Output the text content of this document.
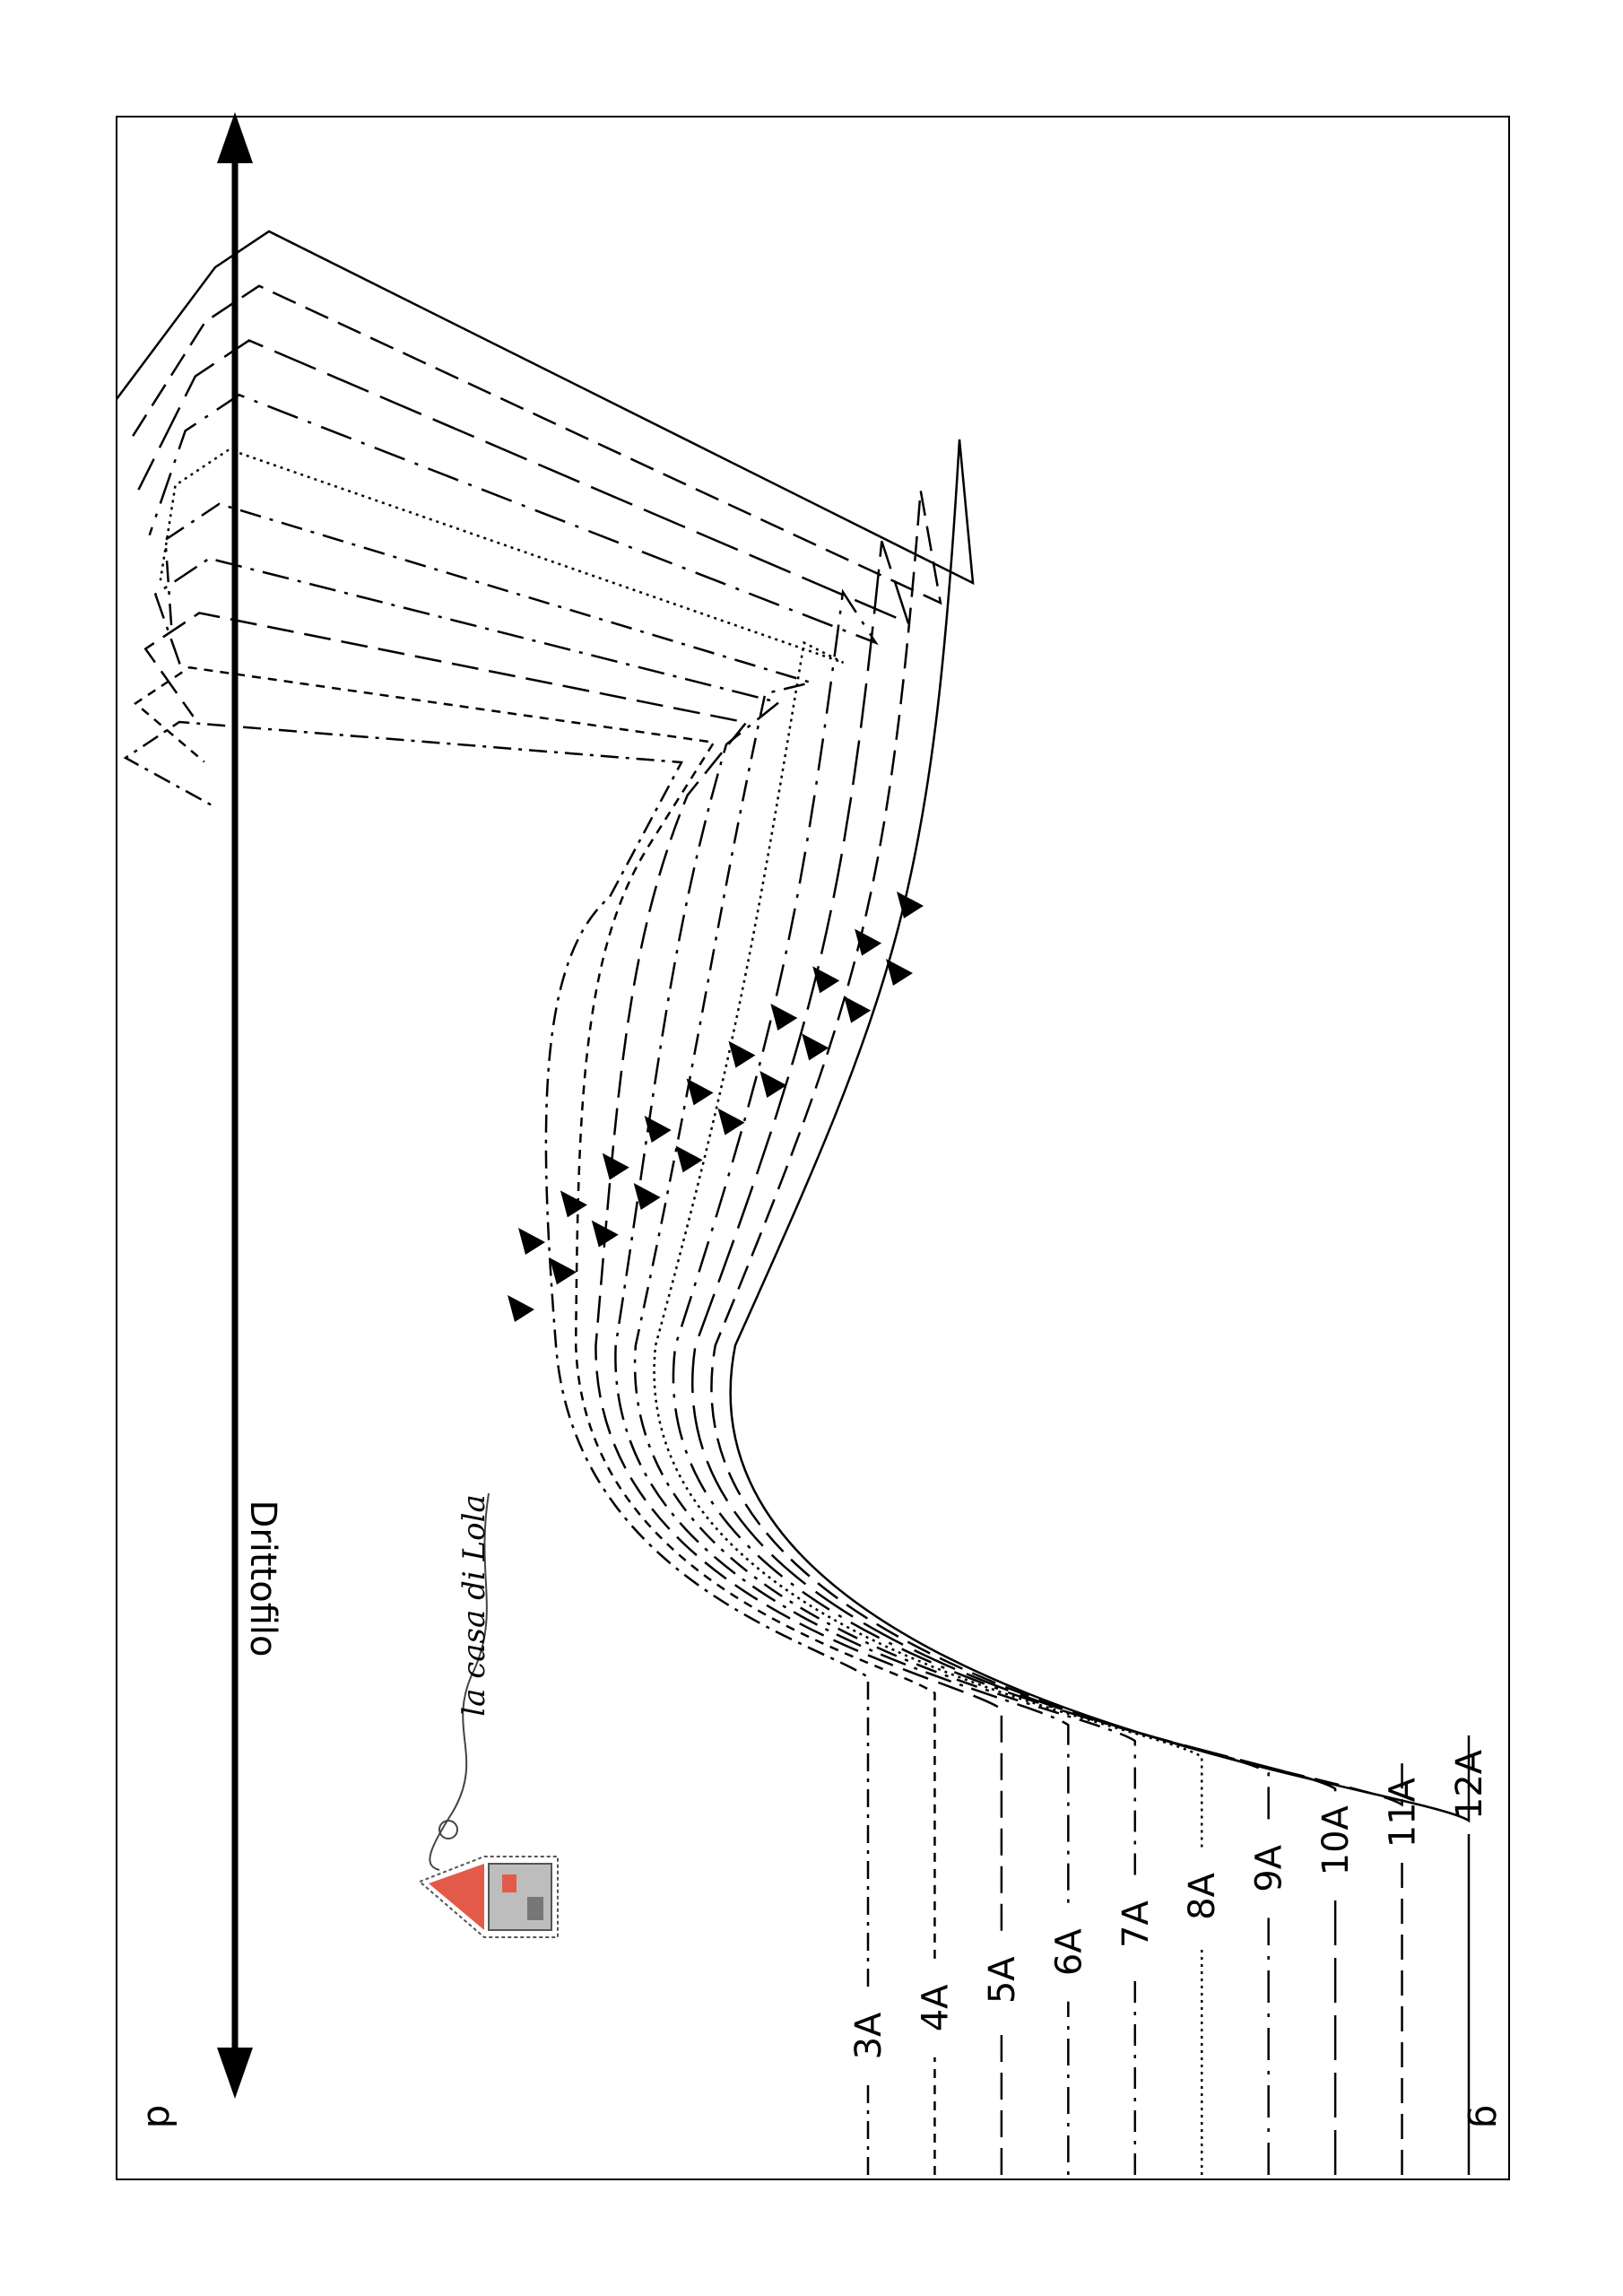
3A
4A
5A
6A
7A
8A
9A 10A 11A 12A
Drittofilo
d	g
la casa di Lola
